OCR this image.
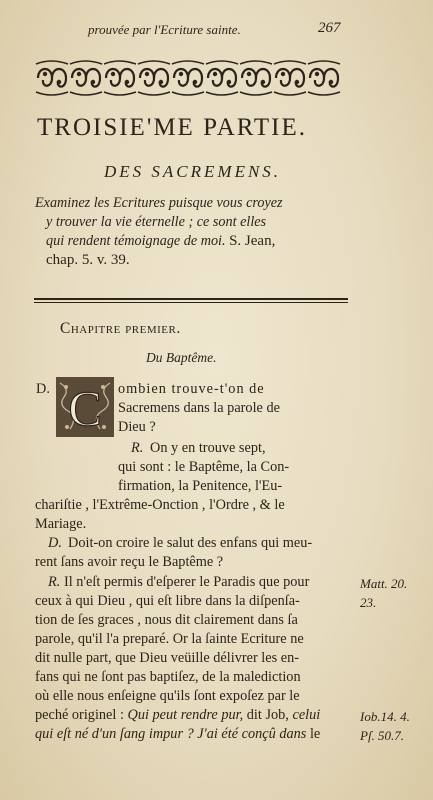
prouvée par l'Ecriture sainte.	267
TROISIE'ME PARTIE.
DES SACREMENS.

Examinez les Ecritures puisque vous croyez

y trouver la vie éternelle ; ce sont elles

qui rendent témoignage de moi. S. Jean,

chap. 5. v. 39.

Chapitre premier.
Du Baptême.
C
D.	ombien trouve-t'on de
Sacremens dans la parole de
Dieu ?
R. On y en trouve sept,
qui sont : le Baptême, la Con-
firmation, la Penitence, l'Eu-
chariſtie , l'Extrême-Onction , l'Ordre , & le
Mariage.
D. Doit-on croire le salut des enfans qui meu-
rent ſans avoir reçu le Baptême ?
R. Il n'eſt permis d'eſperer le Paradis que pour
ceux à qui Dieu , qui eſt libre dans la diſpenſa-
tion de ſes graces , nous dit clairement dans ſa
parole, qu'il l'a preparé. Or la ſainte Ecriture ne
dit nulle part, que Dieu veüille délivrer les en-
fans qui ne ſont pas baptiſez, de la malediction
où elle nous enſeigne qu'ils ſont expoſez par le
peché originel : Qui peut rendre pur, dit Job, celui
qui eſt né d'un ſang impur ? J'ai été conçû dans le
Matt. 20.
23.
Iob.14. 4.
Pſ. 50.7.
